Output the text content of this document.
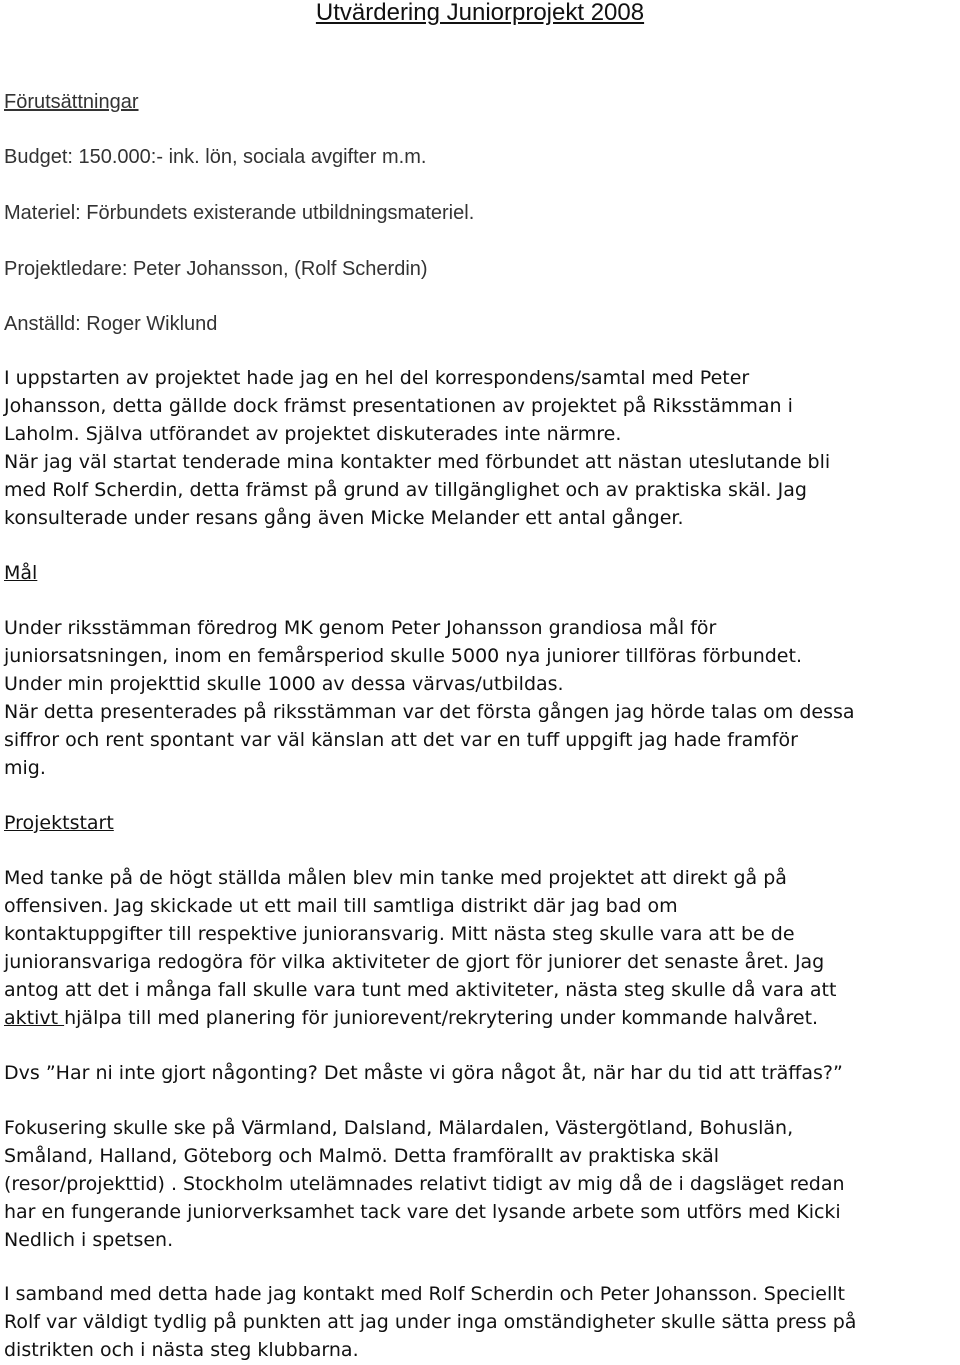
Utvärdering Juniorprojekt 2008
Förutsättningar
Budget: 150.000:- ink. lön, sociala avgifter m.m.
Materiel: Förbundets existerande utbildningsmateriel.
Projektledare: Peter Johansson, (Rolf Scherdin)
Anställd: Roger Wiklund
I uppstarten av projektet hade jag en hel del korrespondens/samtal med Peter
Johansson, detta gällde dock främst presentationen av projektet på Riksstämman i
Laholm. Själva utförandet av projektet diskuterades inte närmre.
När jag väl startat tenderade mina kontakter med förbundet att nästan uteslutande bli
med Rolf Scherdin, detta främst på grund av tillgänglighet och av praktiska skäl. Jag
konsulterade under resans gång även Micke Melander ett antal gånger.
Mål
Under riksstämman föredrog MK genom Peter Johansson grandiosa mål för
juniorsatsningen, inom en femårsperiod skulle 5000 nya juniorer tillföras förbundet.
Under min projekttid skulle 1000 av dessa värvas/utbildas.
När detta presenterades på riksstämman var det första gången jag hörde talas om dessa
siffror och rent spontant var väl känslan att det var en tuff uppgift jag hade framför
mig.
Projektstart
Med tanke på de högt ställda målen blev min tanke med projektet att direkt gå på
offensiven. Jag skickade ut ett mail till samtliga distrikt där jag bad om
kontaktuppgifter till respektive junioransvarig. Mitt nästa steg skulle vara att be de
junioransvariga redogöra för vilka aktiviteter de gjort för juniorer det senaste året. Jag
antog att det i många fall skulle vara tunt med aktiviteter, nästa steg skulle då vara att
aktivt hjälpa till med planering för juniorevent/rekrytering under kommande halvåret.
Dvs ”Har ni inte gjort någonting? Det måste vi göra något åt, när har du tid att träffas?”
Fokusering skulle ske på Värmland, Dalsland, Mälardalen, Västergötland, Bohuslän,
Småland, Halland, Göteborg och Malmö. Detta framförallt av praktiska skäl
(resor/projekttid) . Stockholm utelämnades relativt tidigt av mig då de i dagsläget redan
har en fungerande juniorverksamhet tack vare det lysande arbete som utförs med Kicki
Nedlich i spetsen.
I samband med detta hade jag kontakt med Rolf Scherdin och Peter Johansson. Speciellt
Rolf var väldigt tydlig på punkten att jag under inga omständigheter skulle sätta press på
distrikten och i nästa steg klubbarna.
